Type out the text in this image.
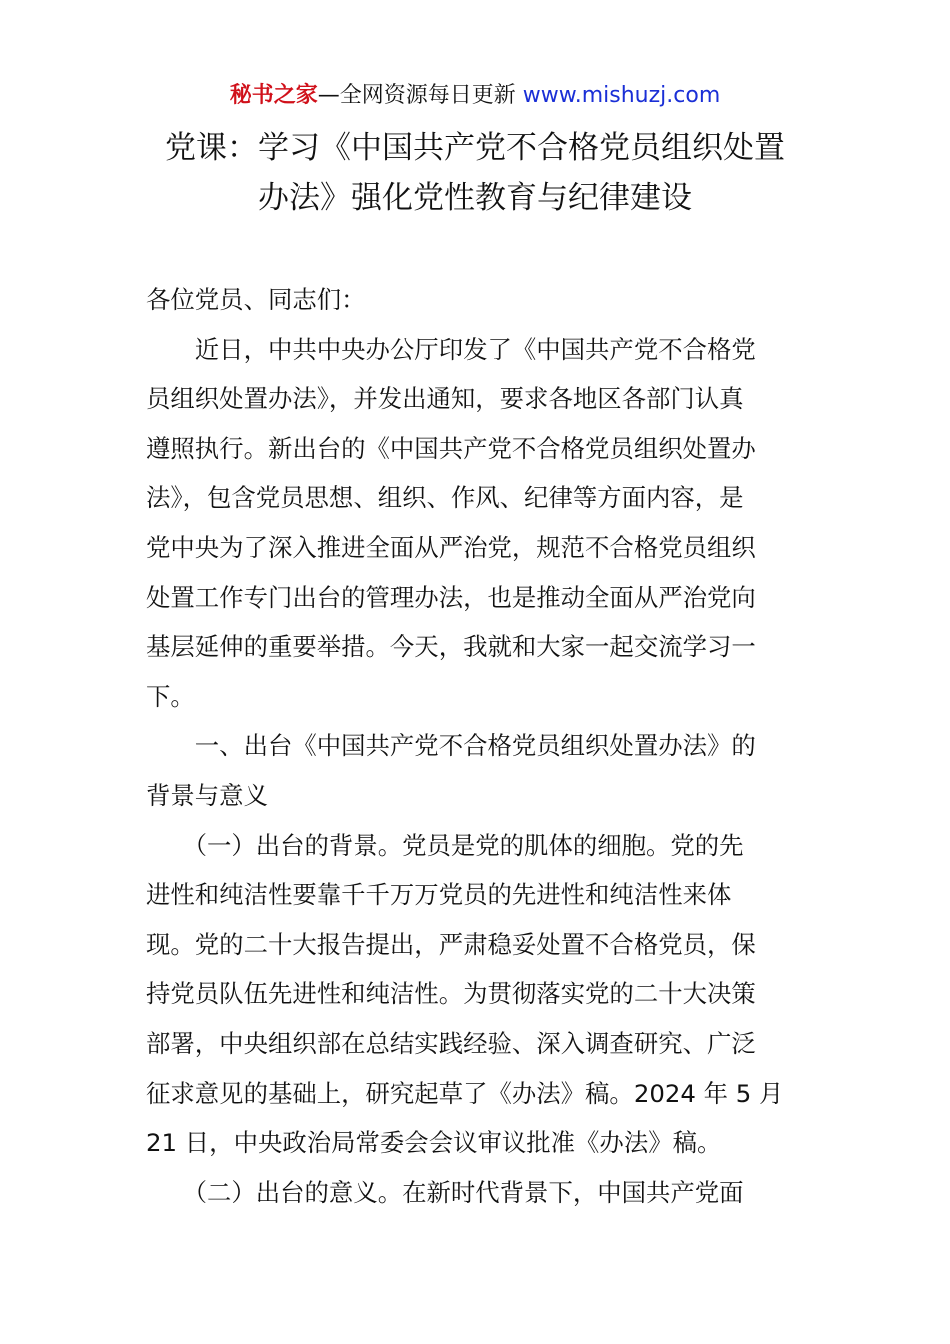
秘书之家—全网资源每日更新 www.mishuzj.com
党课：学习《中国共产党不合格党员组织处置
办法》强化党性教育与纪律建设
各位党员、同志们：
　　近日，中共中央办公厅印发了《中国共产党不合格党
员组织处置办法》，并发出通知，要求各地区各部门认真
遵照执行。新出台的《中国共产党不合格党员组织处置办
法》，包含党员思想、组织、作风、纪律等方面内容，是
党中央为了深入推进全面从严治党，规范不合格党员组织
处置工作专门出台的管理办法，也是推动全面从严治党向
基层延伸的重要举措。今天，我就和大家一起交流学习一
下。
　　一、出台《中国共产党不合格党员组织处置办法》的
背景与意义
　　（一）出台的背景。党员是党的肌体的细胞。党的先
进性和纯洁性要靠千千万万党员的先进性和纯洁性来体
现。党的二十大报告提出，严肃稳妥处置不合格党员，保
持党员队伍先进性和纯洁性。为贯彻落实党的二十大决策
部署，中央组织部在总结实践经验、深入调查研究、广泛
征求意见的基础上，研究起草了《办法》稿。2024 年 5 月
21 日，中央政治局常委会会议审议批准《办法》稿。
　　（二）出台的意义。在新时代背景下，中国共产党面
